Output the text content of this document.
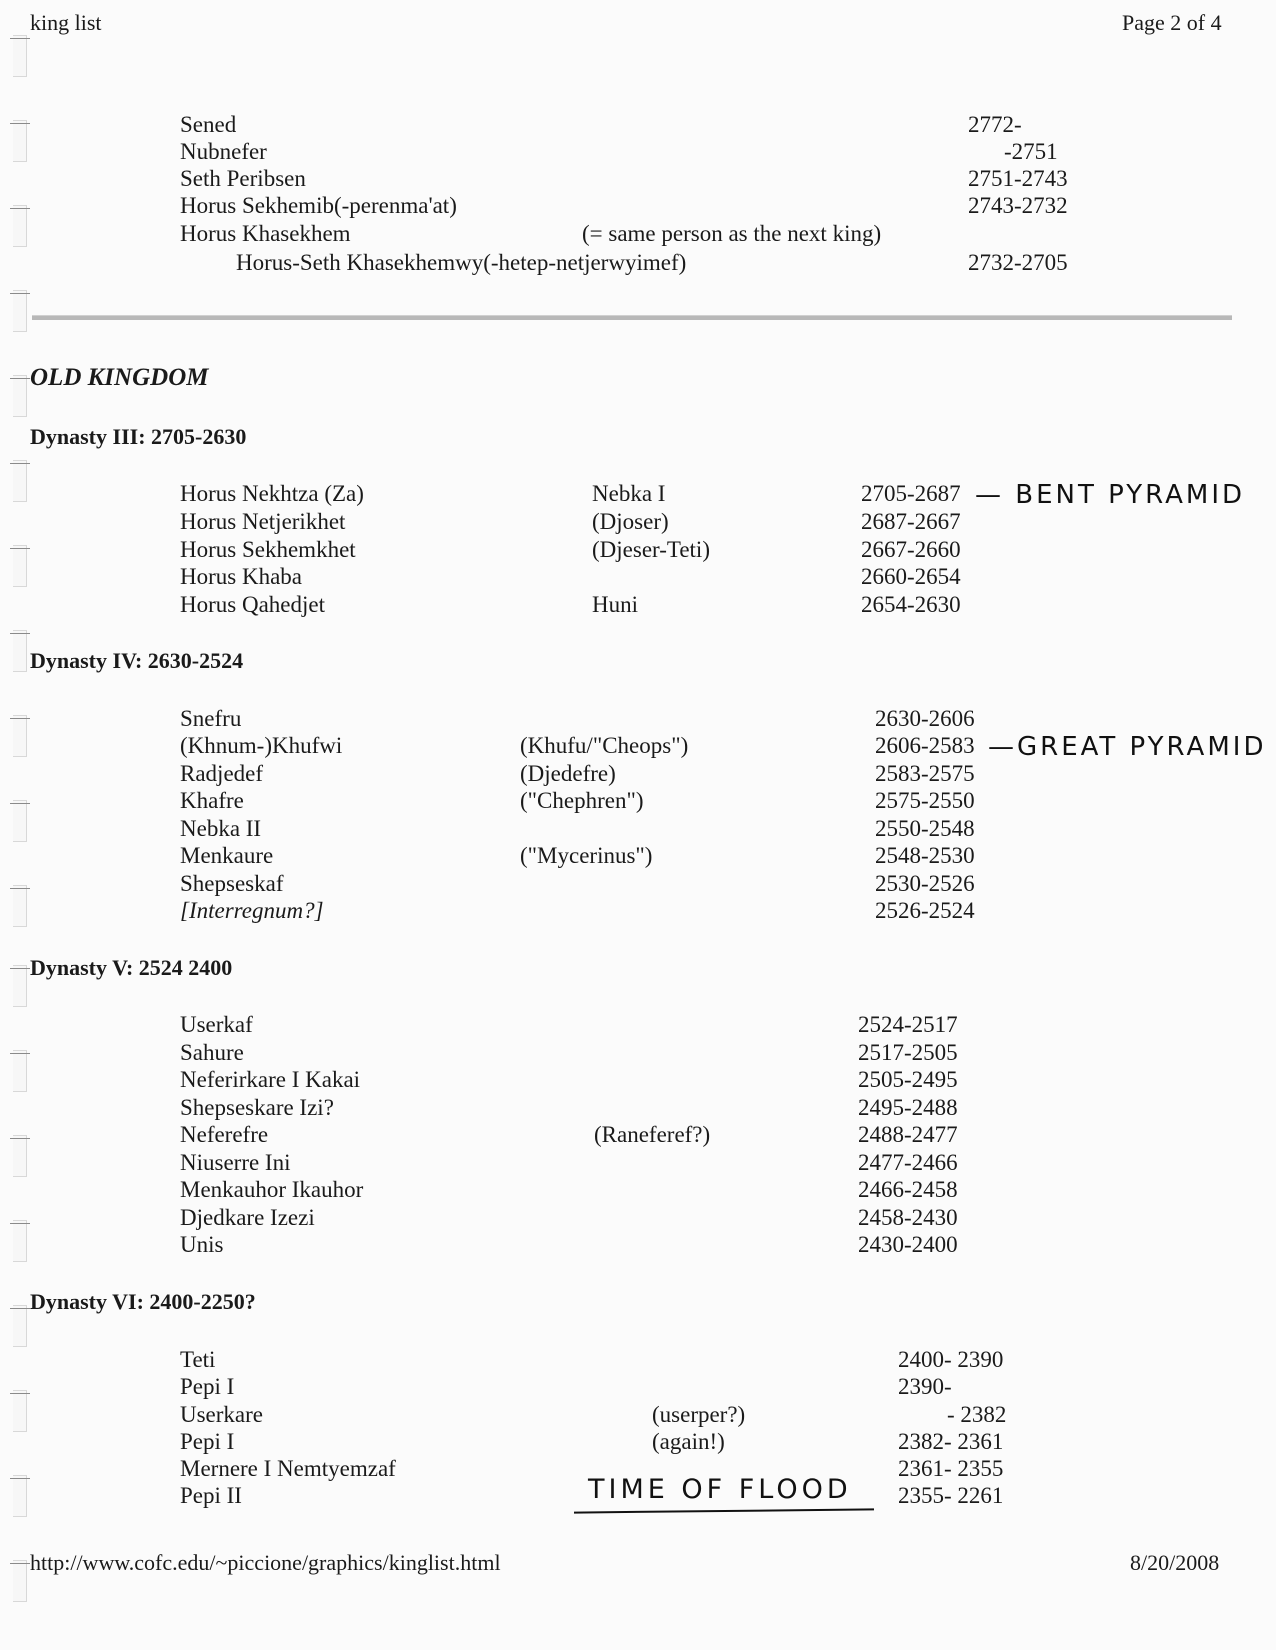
king list	Page 2 of 4
Sened	2772-
Nubnefer	-2751
Seth Peribsen	2751-2743
Horus Sekhemib(-perenma'at)	2743-2732
Horus Khasekhem	(= same person as the next king)
Horus-Seth Khasekhemwy(-hetep-netjerwyimef)	2732-2705
OLD KINGDOM
Dynasty III: 2705-2630
Horus Nekhtza (Za)	Nebka I	2705-2687
Horus Netjerikhet	(Djoser)	2687-2667
Horus Sekhemkhet	(Djeser-Teti)	2667-2660
Horus Khaba	2660-2654
Horus Qahedjet	Huni	2654-2630
— BENT PYRAMID
Dynasty IV: 2630-2524
Snefru	2630-2606
(Khnum-)Khufwi	(Khufu/"Cheops")	2606-2583
Radjedef	(Djedefre)	2583-2575
Khafre	("Chephren")	2575-2550
Nebka II	2550-2548
Menkaure	("Mycerinus")	2548-2530
Shepseskaf	2530-2526
[Interregnum?]	2526-2524
—GREAT PYRAMID
Dynasty V: 2524 2400
Userkaf	2524-2517
Sahure	2517-2505
Neferirkare I Kakai	2505-2495
Shepseskare Izi?	2495-2488
Neferefre	(Raneferef?)	2488-2477
Niuserre Ini	2477-2466
Menkauhor Ikauhor	2466-2458
Djedkare Izezi	2458-2430
Unis	2430-2400
Dynasty VI: 2400-2250?
Teti	2400- 2390
Pepi I	2390-
Userkare	(userper?)	- 2382
Pepi I	(again!)	2382- 2361
Mernere I Nemtyemzaf	2361- 2355
Pepi II	2355- 2261
TIME OF FLOOD
http://www.cofc.edu/~piccione/graphics/kinglist.html	8/20/2008
